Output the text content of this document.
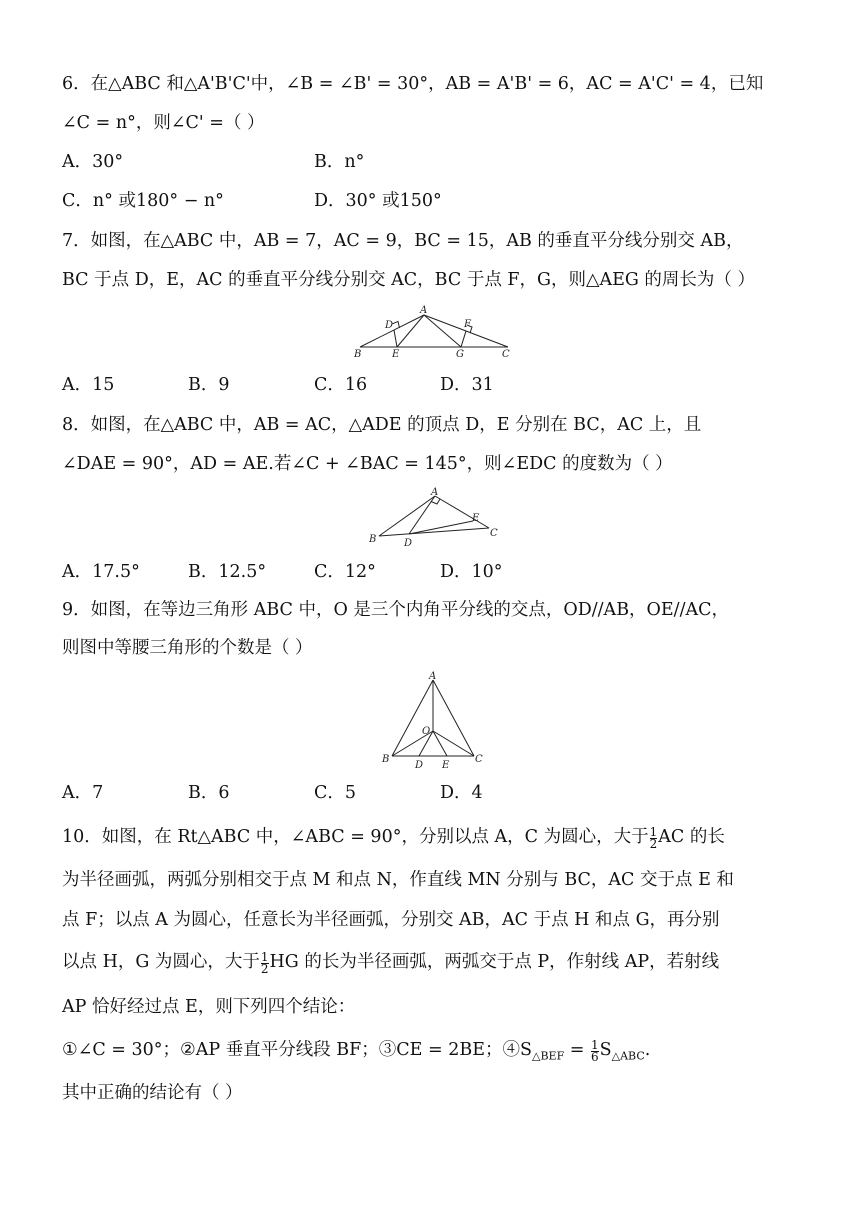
6．在△ABC 和△A'B'C'中，∠B = ∠B' = 30°，AB = A'B' = 6，AC = A'C' = 4，已知
∠C = n°，则∠C' =（ ）
A．30°	B．n°
C．n° 或180° − n°	D．30° 或150°
7．如图，在△ABC 中，AB = 7，AC = 9，BC = 15，AB 的垂直平分线分别交 AB，
BC 于点 D，E，AC 的垂直平分线分别交 AC，BC 于点 F，G，则△AEG 的周长为（ ）
A
B	C
D
E
F
G
A．15	B．9	C．16	D．31
8．如图，在△ABC 中，AB = AC，△ADE 的顶点 D，E 分别在 BC，AC 上，且
∠DAE = 90°，AD = AE.若∠C + ∠BAC = 145°，则∠EDC 的度数为（ ）
A
B
C
D
E
A．17.5°	B．12.5°	C．12°	D．10°
9．如图，在等边三角形 ABC 中，O 是三个内角平分线的交点，OD//AB，OE//AC，
则图中等腰三角形的个数是（ ）
A
B	C
D E
O
A．7	B．6	C．5	D．4
10．如图，在 Rt△ABC 中，∠ABC = 90°，分别以点 A，C 为圆心，大于 $\frac{1}{2}$ AC 的长
为半径画弧，两弧分别相交于点 M 和点 N，作直线 MN 分别与 BC，AC 交于点 E 和
点 F；以点 A 为圆心，任意长为半径画弧，分别交 AB，AC 于点 H 和点 G，再分别
以点 H，G 为圆心，大于 $\frac{1}{2}$ HG 的长为半径画弧，两弧交于点 P，作射线 AP，若射线
AP 恰好经过点 E，则下列四个结论：
①∠C = 30°；②AP 垂直平分线段 BF；③CE = 2BE；$④S_{\triangle BEF} = \frac{1}{6} S_{\triangle ABC}$.
其中正确的结论有（ ）
